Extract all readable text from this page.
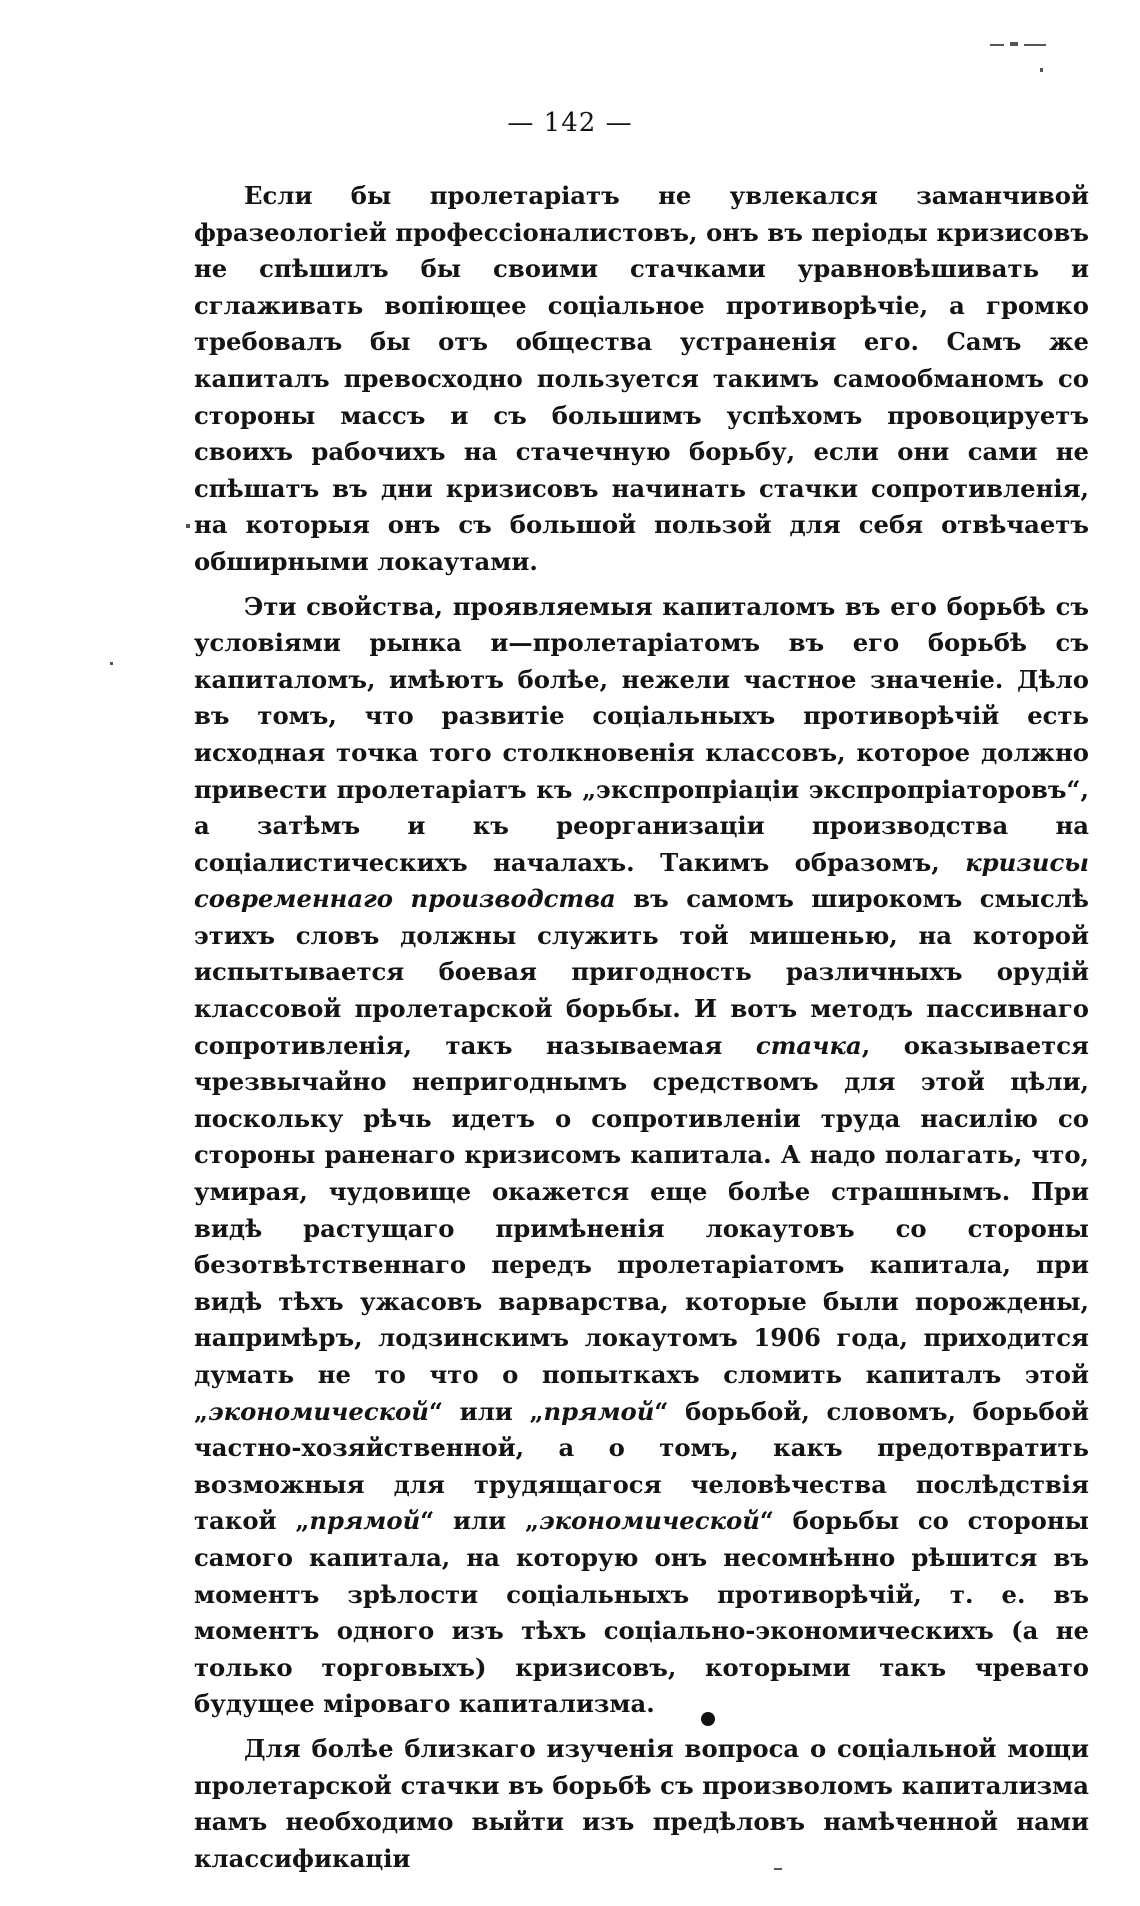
— 142 —

Если бы пролетаріатъ не увлекался заманчивой фразеологіей профессіоналистовъ, онъ въ періоды кризисовъ не спѣшилъ бы своими стачками уравновѣшивать и сглаживать вопіющее соціальное противорѣчіе, а громко требовалъ бы отъ общества устраненія его. Самъ же капиталъ превосходно пользуется такимъ самообманомъ со стороны массъ и съ большимъ успѣхомъ провоцируетъ своихъ рабочихъ на стачечную борьбу, если они сами не спѣшатъ въ дни кризисовъ начинать стачки сопротивленія, на которыя онъ съ большой пользой для себя отвѣчаетъ обширными локаутами.

Эти свойства, проявляемыя капиталомъ въ его борьбѣ съ условіями рынка и—пролетаріатомъ въ его борьбѣ съ капиталомъ, имѣютъ болѣе, нежели частное значеніе. Дѣло въ томъ, что развитіе соціальныхъ противорѣчій есть исходная точка того столкновенія классовъ, которое должно привести пролетаріатъ къ „экспропріаціи экспропріаторовъ“, а затѣмъ и къ реорганизаціи производства на соціалистическихъ началахъ. Такимъ образомъ, кризисы современнаго производства въ самомъ широкомъ смыслѣ этихъ словъ должны служить той мишенью, на которой испытывается боевая пригодность различныхъ орудій классовой пролетарской борьбы. И вотъ методъ пассивнаго сопротивленія, такъ называемая стачка, оказывается чрезвычайно непригоднымъ средствомъ для этой цѣли, поскольку рѣчь идетъ о сопротивленіи труда насилію со стороны раненаго кризисомъ капитала. А надо полагать, что, умирая, чудовище окажется еще болѣе страшнымъ. При видѣ растущаго примѣненія локаутовъ со стороны безотвѣтственнаго передъ пролетаріатомъ капитала, при видѣ тѣхъ ужасовъ варварства, которые были порождены, напримѣръ, лодзинскимъ локаутомъ 1906 года, приходится думать не то что о попыткахъ сломить капиталъ этой „экономической“ или „прямой“ борьбой, словомъ, борьбой частно-хозяйственной, а о томъ, какъ предотвратить возможныя для трудящагося человѣчества послѣдствія такой „прямой“ или „экономической“ борьбы со стороны самого капитала, на которую онъ несомнѣнно рѣшится въ моментъ зрѣлости соціальныхъ противорѣчій, т. е. въ моментъ одного изъ тѣхъ соціально-экономическихъ (а не только торговыхъ) кризисовъ, которыми такъ чревато будущее міроваго капитализма.

Для болѣе близкаго изученія вопроса о соціальной мощи пролетарской стачки въ борьбѣ съ произволомъ капитализма намъ необходимо выйти изъ предѣловъ намѣченной нами классификаціи
